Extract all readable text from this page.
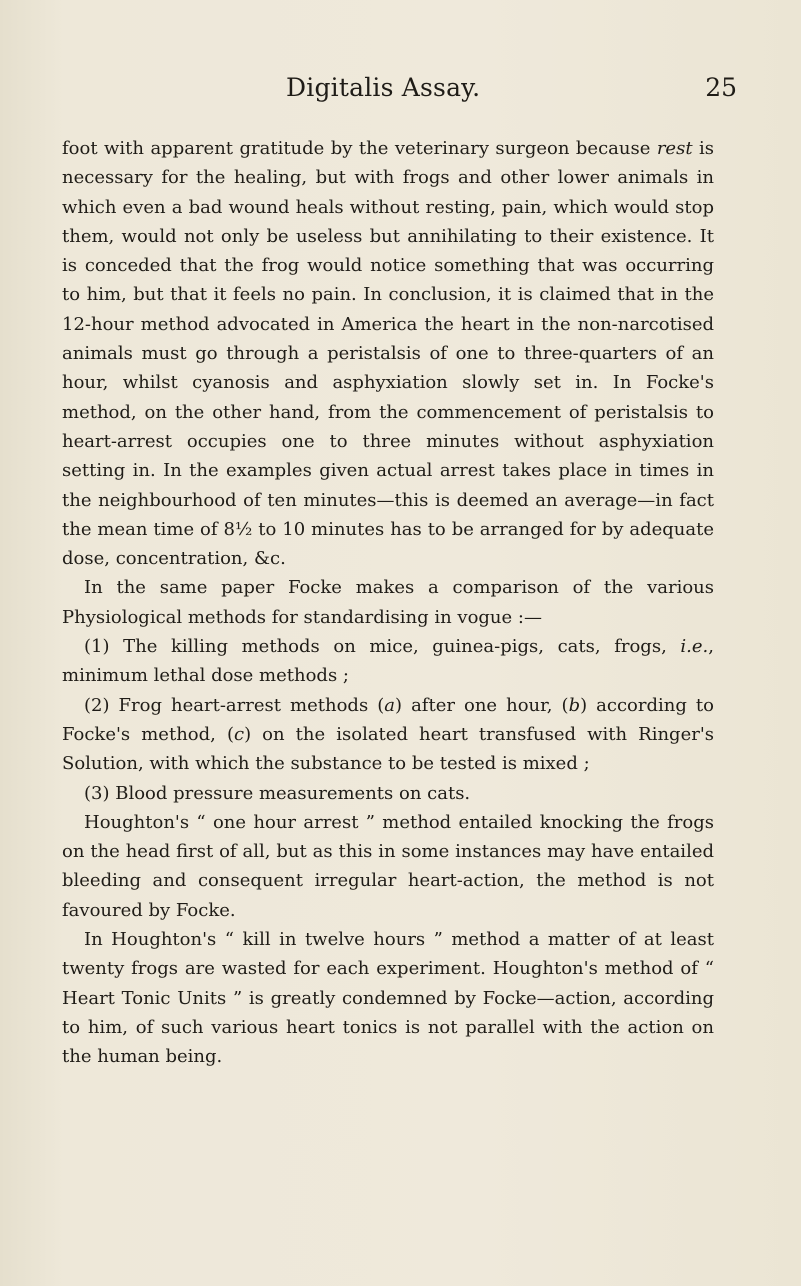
Digitalis Assay.	25

foot with apparent gratitude by the veterinary surgeon because rest is necessary for the healing, but with frogs and other lower animals in which even a bad wound heals without resting, pain, which would stop them, would not only be useless but annihilating to their existence. It is conceded that the frog would notice something that was occurring to him, but that it feels no pain. In conclusion, it is claimed that in the 12-hour method advocated in America the heart in the non-narcotised animals must go through a peristalsis of one to three-quarters of an hour, whilst cyanosis and asphyxiation slowly set in. In Focke's method, on the other hand, from the commencement of peristalsis to heart-arrest occupies one to three minutes without asphyxiation setting in. In the examples given actual arrest takes place in times in the neighbourhood of ten minutes—this is deemed an average—in fact the mean time of 8½ to 10 minutes has to be arranged for by adequate dose, concentration, &c.

In the same paper Focke makes a comparison of the various Physiological methods for standardising in vogue :—

(1) The killing methods on mice, guinea-pigs, cats, frogs, i.e., minimum lethal dose methods ;

(2) Frog heart-arrest methods (a) after one hour, (b) according to Focke's method, (c) on the isolated heart transfused with Ringer's Solution, with which the substance to be tested is mixed ;

(3) Blood pressure measurements on cats.

Houghton's “ one hour arrest ” method entailed knocking the frogs on the head first of all, but as this in some instances may have entailed bleeding and consequent irregular heart-action, the method is not favoured by Focke.

In Houghton's “ kill in twelve hours ” method a matter of at least twenty frogs are wasted for each experiment. Houghton's method of “ Heart Tonic Units ” is greatly condemned by Focke—action, according to him, of such various heart tonics is not parallel with the action on the human being.
